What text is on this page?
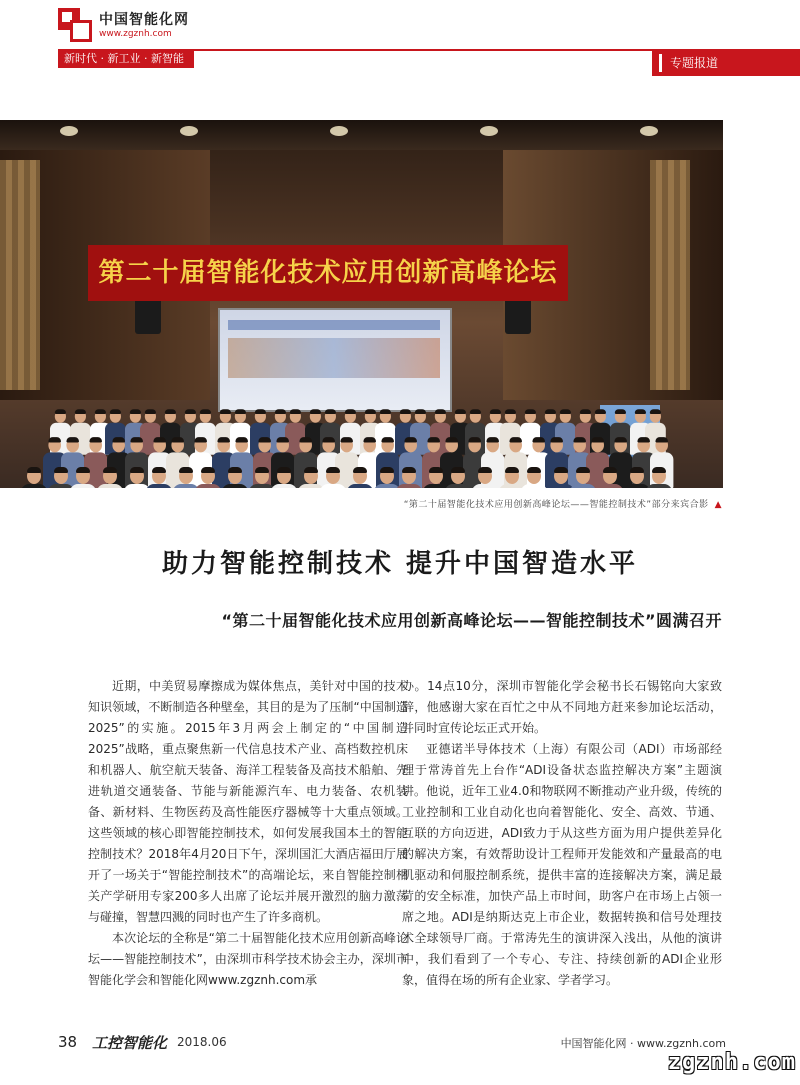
中国智能化网
www.zgznh.com
新时代 · 新工业 · 新智能	专题报道
第二十届智能化技术应用创新高峰论坛
“第二十届智能化技术应用创新高峰论坛——智能控制技术”部分来宾合影 ▲
助力智能控制技术 提升中国智造水平
“第二十届智能化技术应用创新高峰论坛——智能控制技术”圆满召开

近期，中美贸易摩擦成为媒体焦点，美针对中国的技术知识领域，不断制造各种壁垒，其目的是为了压制“中国制造2025”的实施。2015年3月两会上制定的“中国制造2025”战略，重点聚焦新一代信息技术产业、高档数控机床和机器人、航空航天装备、海洋工程装备及高技术船舶、先进轨道交通装备、节能与新能源汽车、电力装备、农机装备、新材料、生物医药及高性能医疗器械等十大重点领域。这些领域的核心即智能控制技术，如何发展我国本土的智能控制技术？2018年4月20日下午，深圳国汇大酒店福田厅展开了一场关于“智能控制技术”的高端论坛，来自智能控制相关产学研用专家200多人出席了论坛并展开激烈的脑力激荡与碰撞，智慧四溅的同时也产生了许多商机。

本次论坛的全称是“第二十届智能化技术应用创新高峰论坛——智能控制技术”，由深圳市科学技术协会主办，深圳市智能化学会和智能化网www.zgznh.com承

办。14点10分，深圳市智能化学会秘书长石锡铭向大家致辞，他感谢大家在百忙之中从不同地方赶来参加论坛活动，并同时宣传论坛正式开始。

亚德诺半导体技术（上海）有限公司（ADI）市场部经理于常涛首先上台作“ADI设备状态监控解决方案”主题演讲。他说，近年工业4.0和物联网不断推动产业升级，传统的工业控制和工业自动化也向着智能化、安全、高效、节通、互联的方向迈进，ADI致力于从这些方面为用户提供差异化的解决方案，有效帮助设计工程师开发能效和产量最高的电机驱动和伺服控制系统，提供丰富的连接解决方案，满足最苛的安全标准，加快产品上市时间，助客户在市场上占领一席之地。ADI是纳斯达克上市企业，数据转换和信号处理技术全球领导厂商。于常涛先生的演讲深入浅出，从他的演讲中，我们看到了一个专心、专注、持续创新的ADI企业形象，值得在场的所有企业家、学者学习。

38 工控智能化 2018.06	中国智能化网 · www.zgznh.com
zgznh.com
